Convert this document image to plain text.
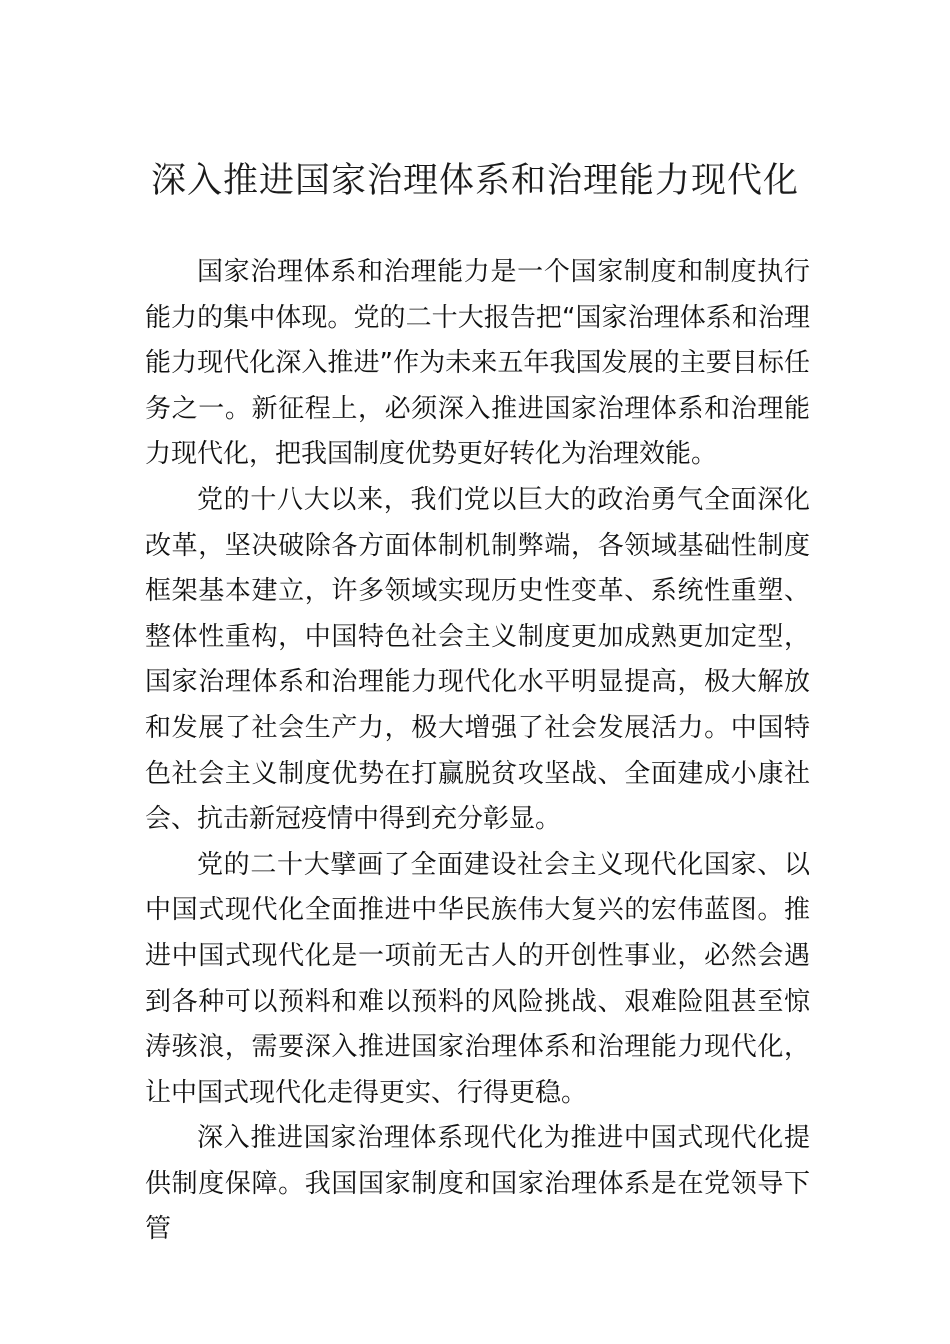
深入推进国家治理体系和治理能力现代化

国家治理体系和治理能力是一个国家制度和制度执行能力的集中体现。党的二十大报告把“国家治理体系和治理能力现代化深入推进”作为未来五年我国发展的主要目标任务之一。新征程上，必须深入推进国家治理体系和治理能力现代化，把我国制度优势更好转化为治理效能。

党的十八大以来，我们党以巨大的政治勇气全面深化改革，坚决破除各方面体制机制弊端，各领域基础性制度框架基本建立，许多领域实现历史性变革、系统性重塑、整体性重构，中国特色社会主义制度更加成熟更加定型，国家治理体系和治理能力现代化水平明显提高，极大解放和发展了社会生产力，极大增强了社会发展活力。中国特色社会主义制度优势在打赢脱贫攻坚战、全面建成小康社会、抗击新冠疫情中得到充分彰显。

党的二十大擘画了全面建设社会主义现代化国家、以中国式现代化全面推进中华民族伟大复兴的宏伟蓝图。推进中国式现代化是一项前无古人的开创性事业，必然会遇到各种可以预料和难以预料的风险挑战、艰难险阻甚至惊涛骇浪，需要深入推进国家治理体系和治理能力现代化，让中国式现代化走得更实、行得更稳。

深入推进国家治理体系现代化为推进中国式现代化提供制度保障。我国国家制度和国家治理体系是在党领导下管
